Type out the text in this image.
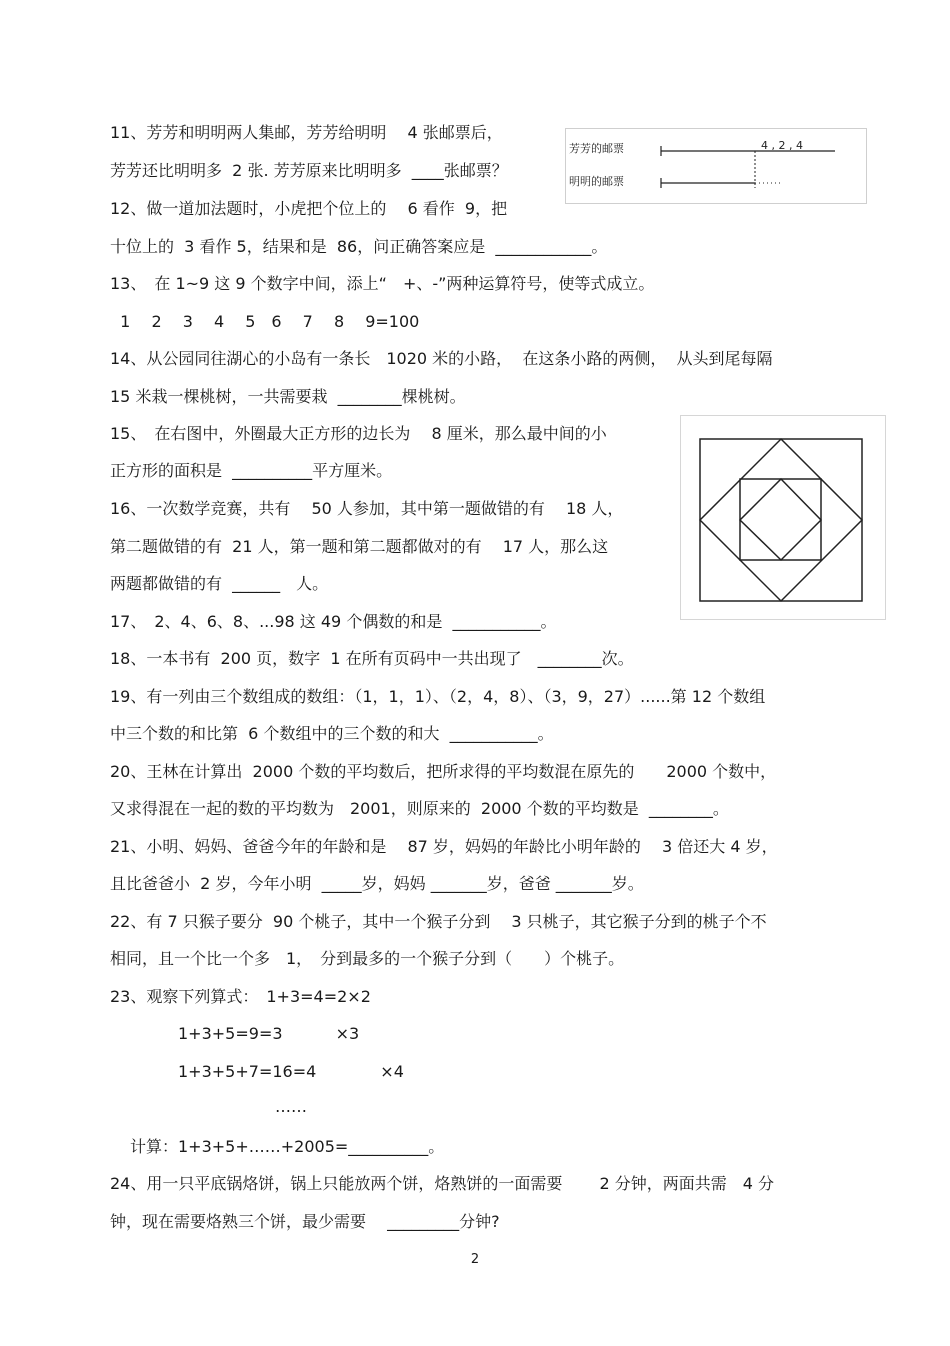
11、芳芳和明明两人集邮，芳芳给明明　 4 张邮票后，
芳芳还比明明多  2 张. 芳芳原来比明明多  ____张邮票？
12、做一道加法题时，小虎把个位上的　 6 看作  9，把
十位上的  3 看作 5，结果和是  86，问正确答案应是  ____________。
13、　在 1~9 这 9 个数字中间，添上“　+、-”两种运算符号，使等式成立。
1　 2　 3　 4　 5　6　 7　 8　 9=100
14、从公园同往湖心的小岛有一条长　1020 米的小路，  在这条小路的两侧，  从头到尾每隔
15 米栽一棵桃树，一共需要栽  ________棵桃树。
15、　在右图中，外圈最大正方形的边长为　 8 厘米，那么最中间的小
正方形的面积是  __________平方厘米。
16、一次数学竞赛，共有　 50 人参加，其中第一题做错的有　 18 人，
第二题做错的有  21 人，第一题和第二题都做对的有　 17 人，那么这
两题都做错的有  ______　人。
17、　2、4、6、8、...98 这 49 个偶数的和是  ___________。
18、一本书有  200 页，数字  1 在所有页码中一共出现了　________次。
19、有一列由三个数组成的数组：（1，1，1）、（2，4，8）、（3，9，27）......第 12 个数组
中三个数的和比第  6 个数组中的三个数的和大  ___________。
20、王林在计算出  2000 个数的平均数后，把所求得的平均数混在原先的　　2000 个数中，
又求得混在一起的数的平均数为　2001，则原来的  2000 个数的平均数是  ________。
21、小明、妈妈、爸爸今年的年龄和是　 87 岁，妈妈的年龄比小明年龄的　 3 倍还大 4 岁，
且比爸爸小  2 岁，今年小明  _____岁，妈妈 _______岁，爸爸 _______岁。
22、有 7 只猴子要分  90 个桃子，其中一个猴子分到　 3 只桃子，其它猴子分到的桃子个不
相同，且一个比一个多　1，　分到最多的一个猴子分到（　　）个桃子。
23、观察下列算式：　1+3=4=2×2
1+3+5=9=3　　　 ×3
1+3+5+7=16=4　　　　×4
……
计算：1+3+5+……+2005=__________。
24、用一只平底锅烙饼，锅上只能放两个饼，烙熟饼的一面需要　　 2 分钟，两面共需　4 分
钟，现在需要烙熟三个饼，最少需要　 _________分钟?
芳芳的邮票
明明的邮票
4 , 2 , 4
2
